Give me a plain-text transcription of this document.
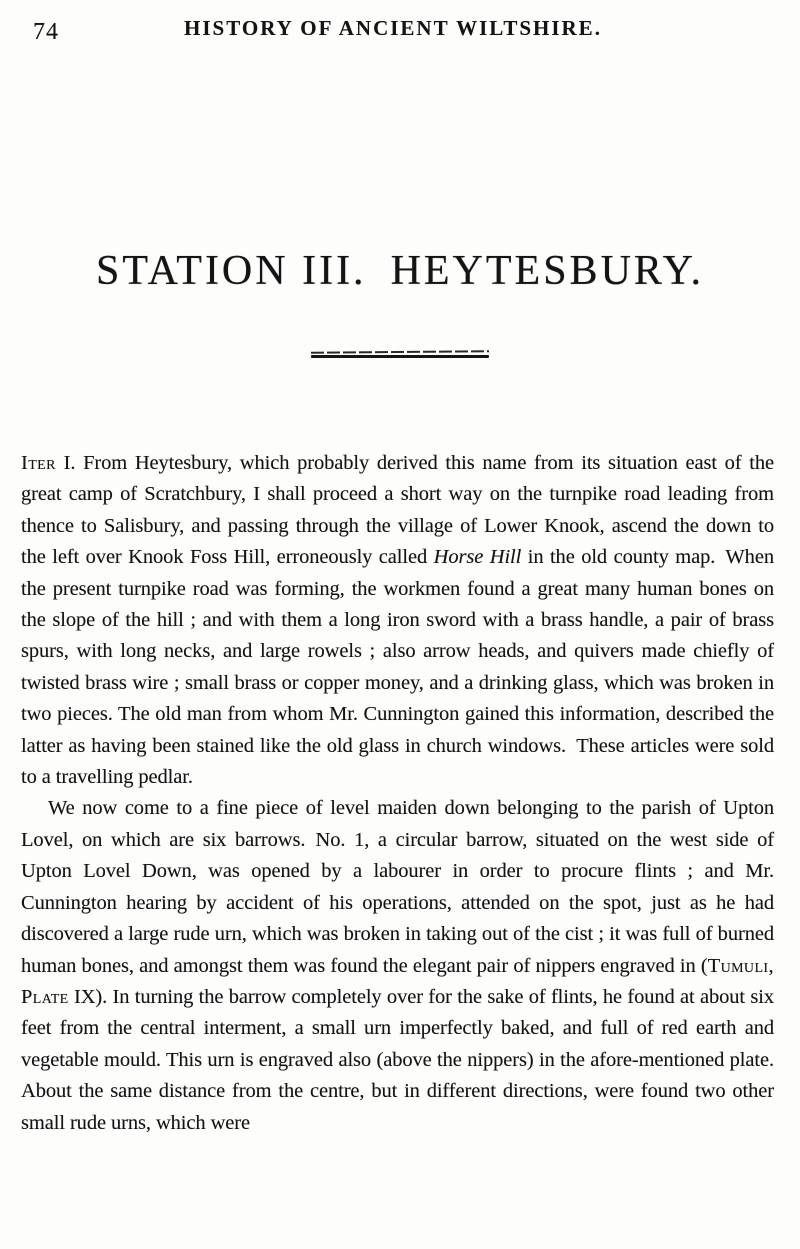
74	HISTORY OF ANCIENT WILTSHIRE.
STATION III. HEYTESBURY.

Iter I. From Heytesbury, which probably derived this name from its situation east of the great camp of Scratchbury, I shall proceed a short way on the turnpike road leading from thence to Salisbury, and passing through the village of Lower Knook, ascend the down to the left over Knook Foss Hill, erroneously called Horse Hill in the old county map. When the present turnpike road was forming, the workmen found a great many human bones on the slope of the hill ; and with them a long iron sword with a brass handle, a pair of brass spurs, with long necks, and large rowels ; also arrow heads, and quivers made chiefly of twisted brass wire ; small brass or copper money, and a drinking glass, which was broken in two pieces. The old man from whom Mr. Cunnington gained this information, described the latter as having been stained like the old glass in church windows. These articles were sold to a travelling pedlar.

We now come to a fine piece of level maiden down belonging to the parish of Upton Lovel, on which are six barrows. No. 1, a circular barrow, situated on the west side of Upton Lovel Down, was opened by a labourer in order to procure flints ; and Mr. Cunnington hearing by accident of his operations, attended on the spot, just as he had discovered a large rude urn, which was broken in taking out of the cist ; it was full of burned human bones, and amongst them was found the elegant pair of nippers engraved in (Tumuli, Plate IX). In turning the barrow completely over for the sake of flints, he found at about six feet from the central interment, a small urn imperfectly baked, and full of red earth and vegetable mould. This urn is engraved also (above the nippers) in the afore-mentioned plate. About the same distance from the centre, but in different directions, were found two other small rude urns, which were
